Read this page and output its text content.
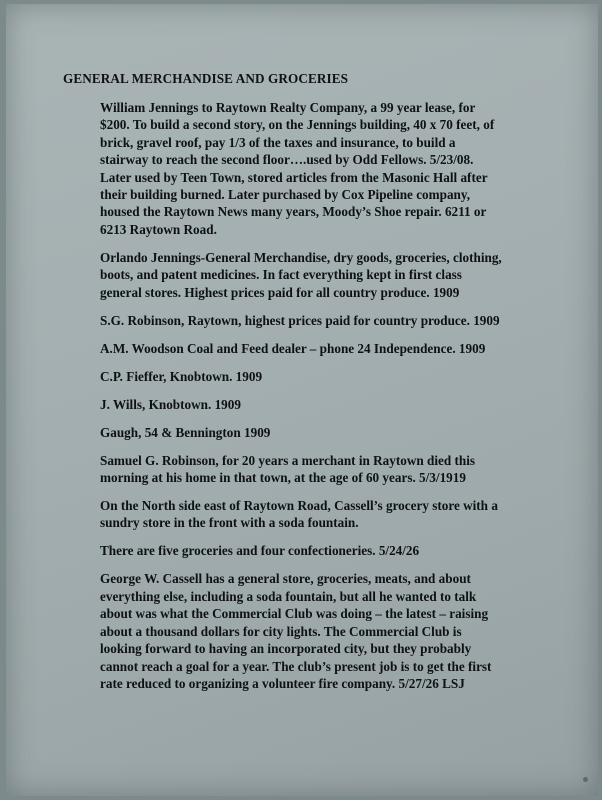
GENERAL MERCHANDISE AND GROCERIES

William Jennings to Raytown Realty Company, a 99 year lease, for
$200. To build a second story, on the Jennings building, 40 x 70 feet, of
brick, gravel roof, pay 1/3 of the taxes and insurance, to build a
stairway to reach the second floor….used by Odd Fellows. 5/23/08.
Later used by Teen Town, stored articles from the Masonic Hall after
their building burned. Later purchased by Cox Pipeline company,
housed the Raytown News many years, Moody’s Shoe repair. 6211 or
6213 Raytown Road.

Orlando Jennings-General Merchandise, dry goods, groceries, clothing,
boots, and patent medicines. In fact everything kept in first class
general stores. Highest prices paid for all country produce. 1909

S.G. Robinson, Raytown, highest prices paid for country produce. 1909

A.M. Woodson Coal and Feed dealer – phone 24 Independence. 1909

C.P. Fieffer, Knobtown. 1909

J. Wills, Knobtown. 1909

Gaugh, 54 & Bennington 1909

Samuel G. Robinson, for 20 years a merchant in Raytown died this
morning at his home in that town, at the age of 60 years. 5/3/1919

On the North side east of Raytown Road, Cassell’s grocery store with a
sundry store in the front with a soda fountain.

There are five groceries and four confectioneries. 5/24/26

George W. Cassell has a general store, groceries, meats, and about
everything else, including a soda fountain, but all he wanted to talk
about was what the Commercial Club was doing – the latest – raising
about a thousand dollars for city lights. The Commercial Club is
looking forward to having an incorporated city, but they probably
cannot reach a goal for a year. The club’s present job is to get the first
rate reduced to organizing a volunteer fire company. 5/27/26 LSJ
